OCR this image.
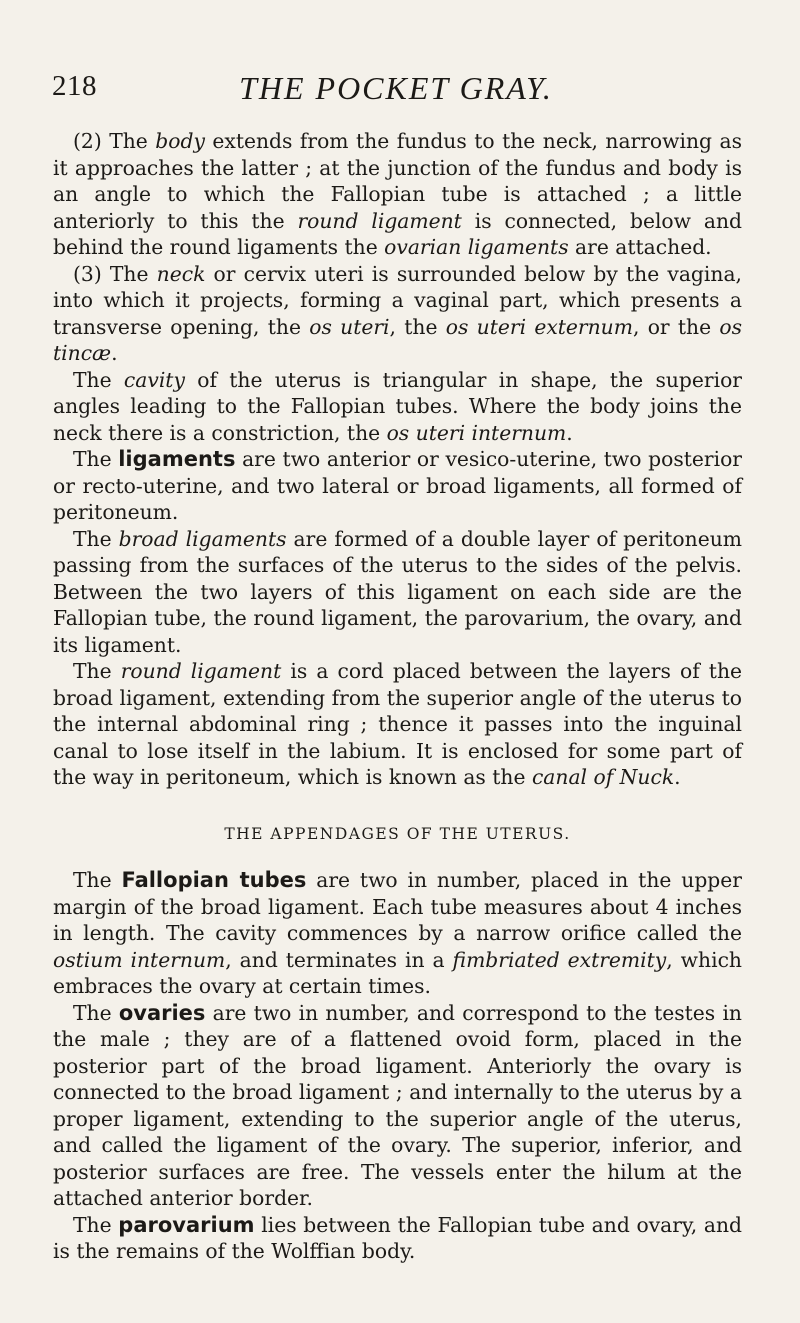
218	THE POCKET GRAY.

(2) The body extends from the fundus to the neck, narrowing as it approaches the latter ; at the junction of the fundus and body is an angle to which the Fallopian tube is attached ; a little anteriorly to this the round ligament is connected, below and behind the round ligaments the ovarian ligaments are attached.

(3) The neck or cervix uteri is surrounded below by the vagina, into which it projects, forming a vaginal part, which presents a transverse opening, the os uteri, the os uteri externum, or the os tincæ.

The cavity of the uterus is triangular in shape, the superior angles leading to the Fallopian tubes. Where the body joins the neck there is a constriction, the os uteri internum.

The ligaments are two anterior or vesico-uterine, two posterior or recto-uterine, and two lateral or broad ligaments, all formed of peritoneum.

The broad ligaments are formed of a double layer of peritoneum passing from the surfaces of the uterus to the sides of the pelvis. Between the two layers of this ligament on each side are the Fallopian tube, the round ligament, the parovarium, the ovary, and its ligament.

The round ligament is a cord placed between the layers of the broad ligament, extending from the superior angle of the uterus to the internal abdominal ring ; thence it passes into the inguinal canal to lose itself in the labium. It is enclosed for some part of the way in peritoneum, which is known as the canal of Nuck.

THE APPENDAGES OF THE UTERUS.

The Fallopian tubes are two in number, placed in the upper margin of the broad ligament. Each tube measures about 4 inches in length. The cavity commences by a narrow orifice called the ostium internum, and terminates in a fimbriated extremity, which embraces the ovary at certain times.

The ovaries are two in number, and correspond to the testes in the male ; they are of a flattened ovoid form, placed in the posterior part of the broad ligament. Anteriorly the ovary is connected to the broad ligament ; and internally to the uterus by a proper ligament, extending to the superior angle of the uterus, and called the ligament of the ovary. The superior, inferior, and posterior surfaces are free. The vessels enter the hilum at the attached anterior border.

The parovarium lies between the Fallopian tube and ovary, and is the remains of the Wolffian body.
